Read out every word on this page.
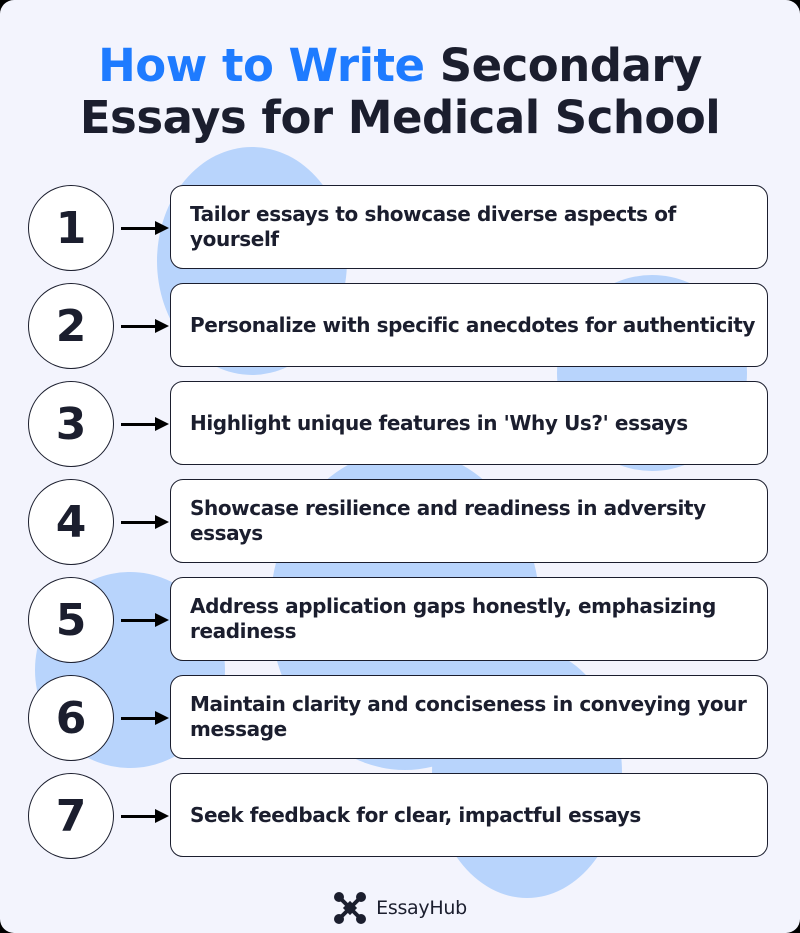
How to Write Secondary
Essays for Medical School
1	Tailor essays to showcase diverse aspects of yourself
2	Personalize with specific anecdotes for authenticity
3	Highlight unique features in 'Why Us?' essays
4	Showcase resilience and readiness in adversity essays
5	Address application gaps honestly, emphasizing readiness
6	Maintain clarity and conciseness in conveying your message
7	Seek feedback for clear, impactful essays
EssayHub
